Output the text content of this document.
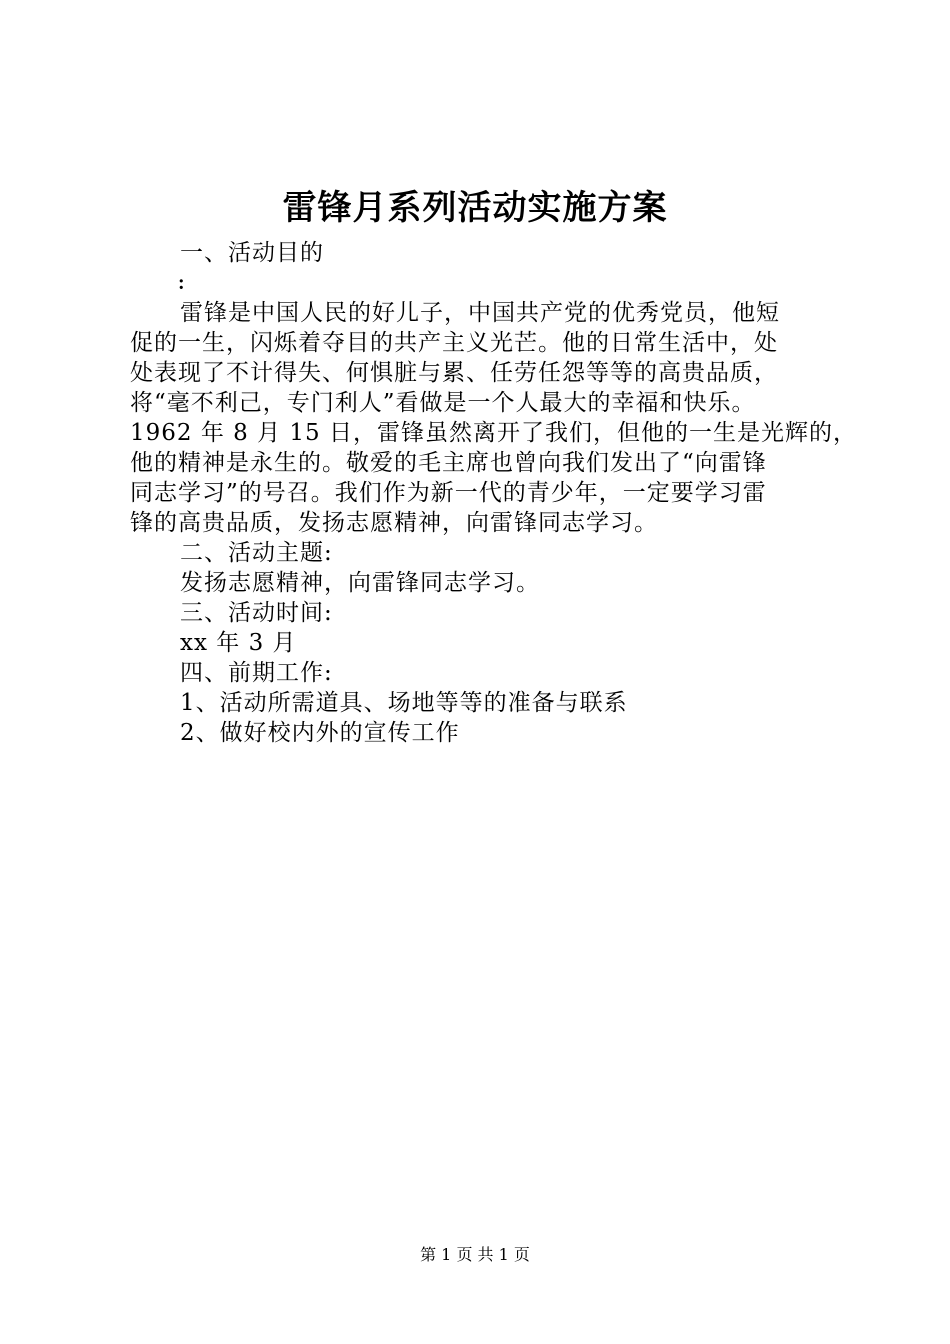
雷锋月系列活动实施方案
一、活动目的
:
雷锋是中国人民的好儿子，中国共产党的优秀党员，他短
促的一生，闪烁着夺目的共产主义光芒。他的日常生活中，处
处表现了不计得失、何惧脏与累、任劳任怨等等的高贵品质，
将“毫不利己，专门利人”看做是一个人最大的幸福和快乐。
1962 年 8 月 15 日，雷锋虽然离开了我们，但他的一生是光辉的，
他的精神是永生的。敬爱的毛主席也曾向我们发出了“向雷锋
同志学习”的号召。我们作为新一代的青少年，一定要学习雷
锋的高贵品质，发扬志愿精神，向雷锋同志学习。
二、活动主题:
发扬志愿精神，向雷锋同志学习。
三、活动时间:
xx 年 3 月
四、前期工作:
1、活动所需道具、场地等等的准备与联系
2、做好校内外的宣传工作
第 1 页 共 1 页
